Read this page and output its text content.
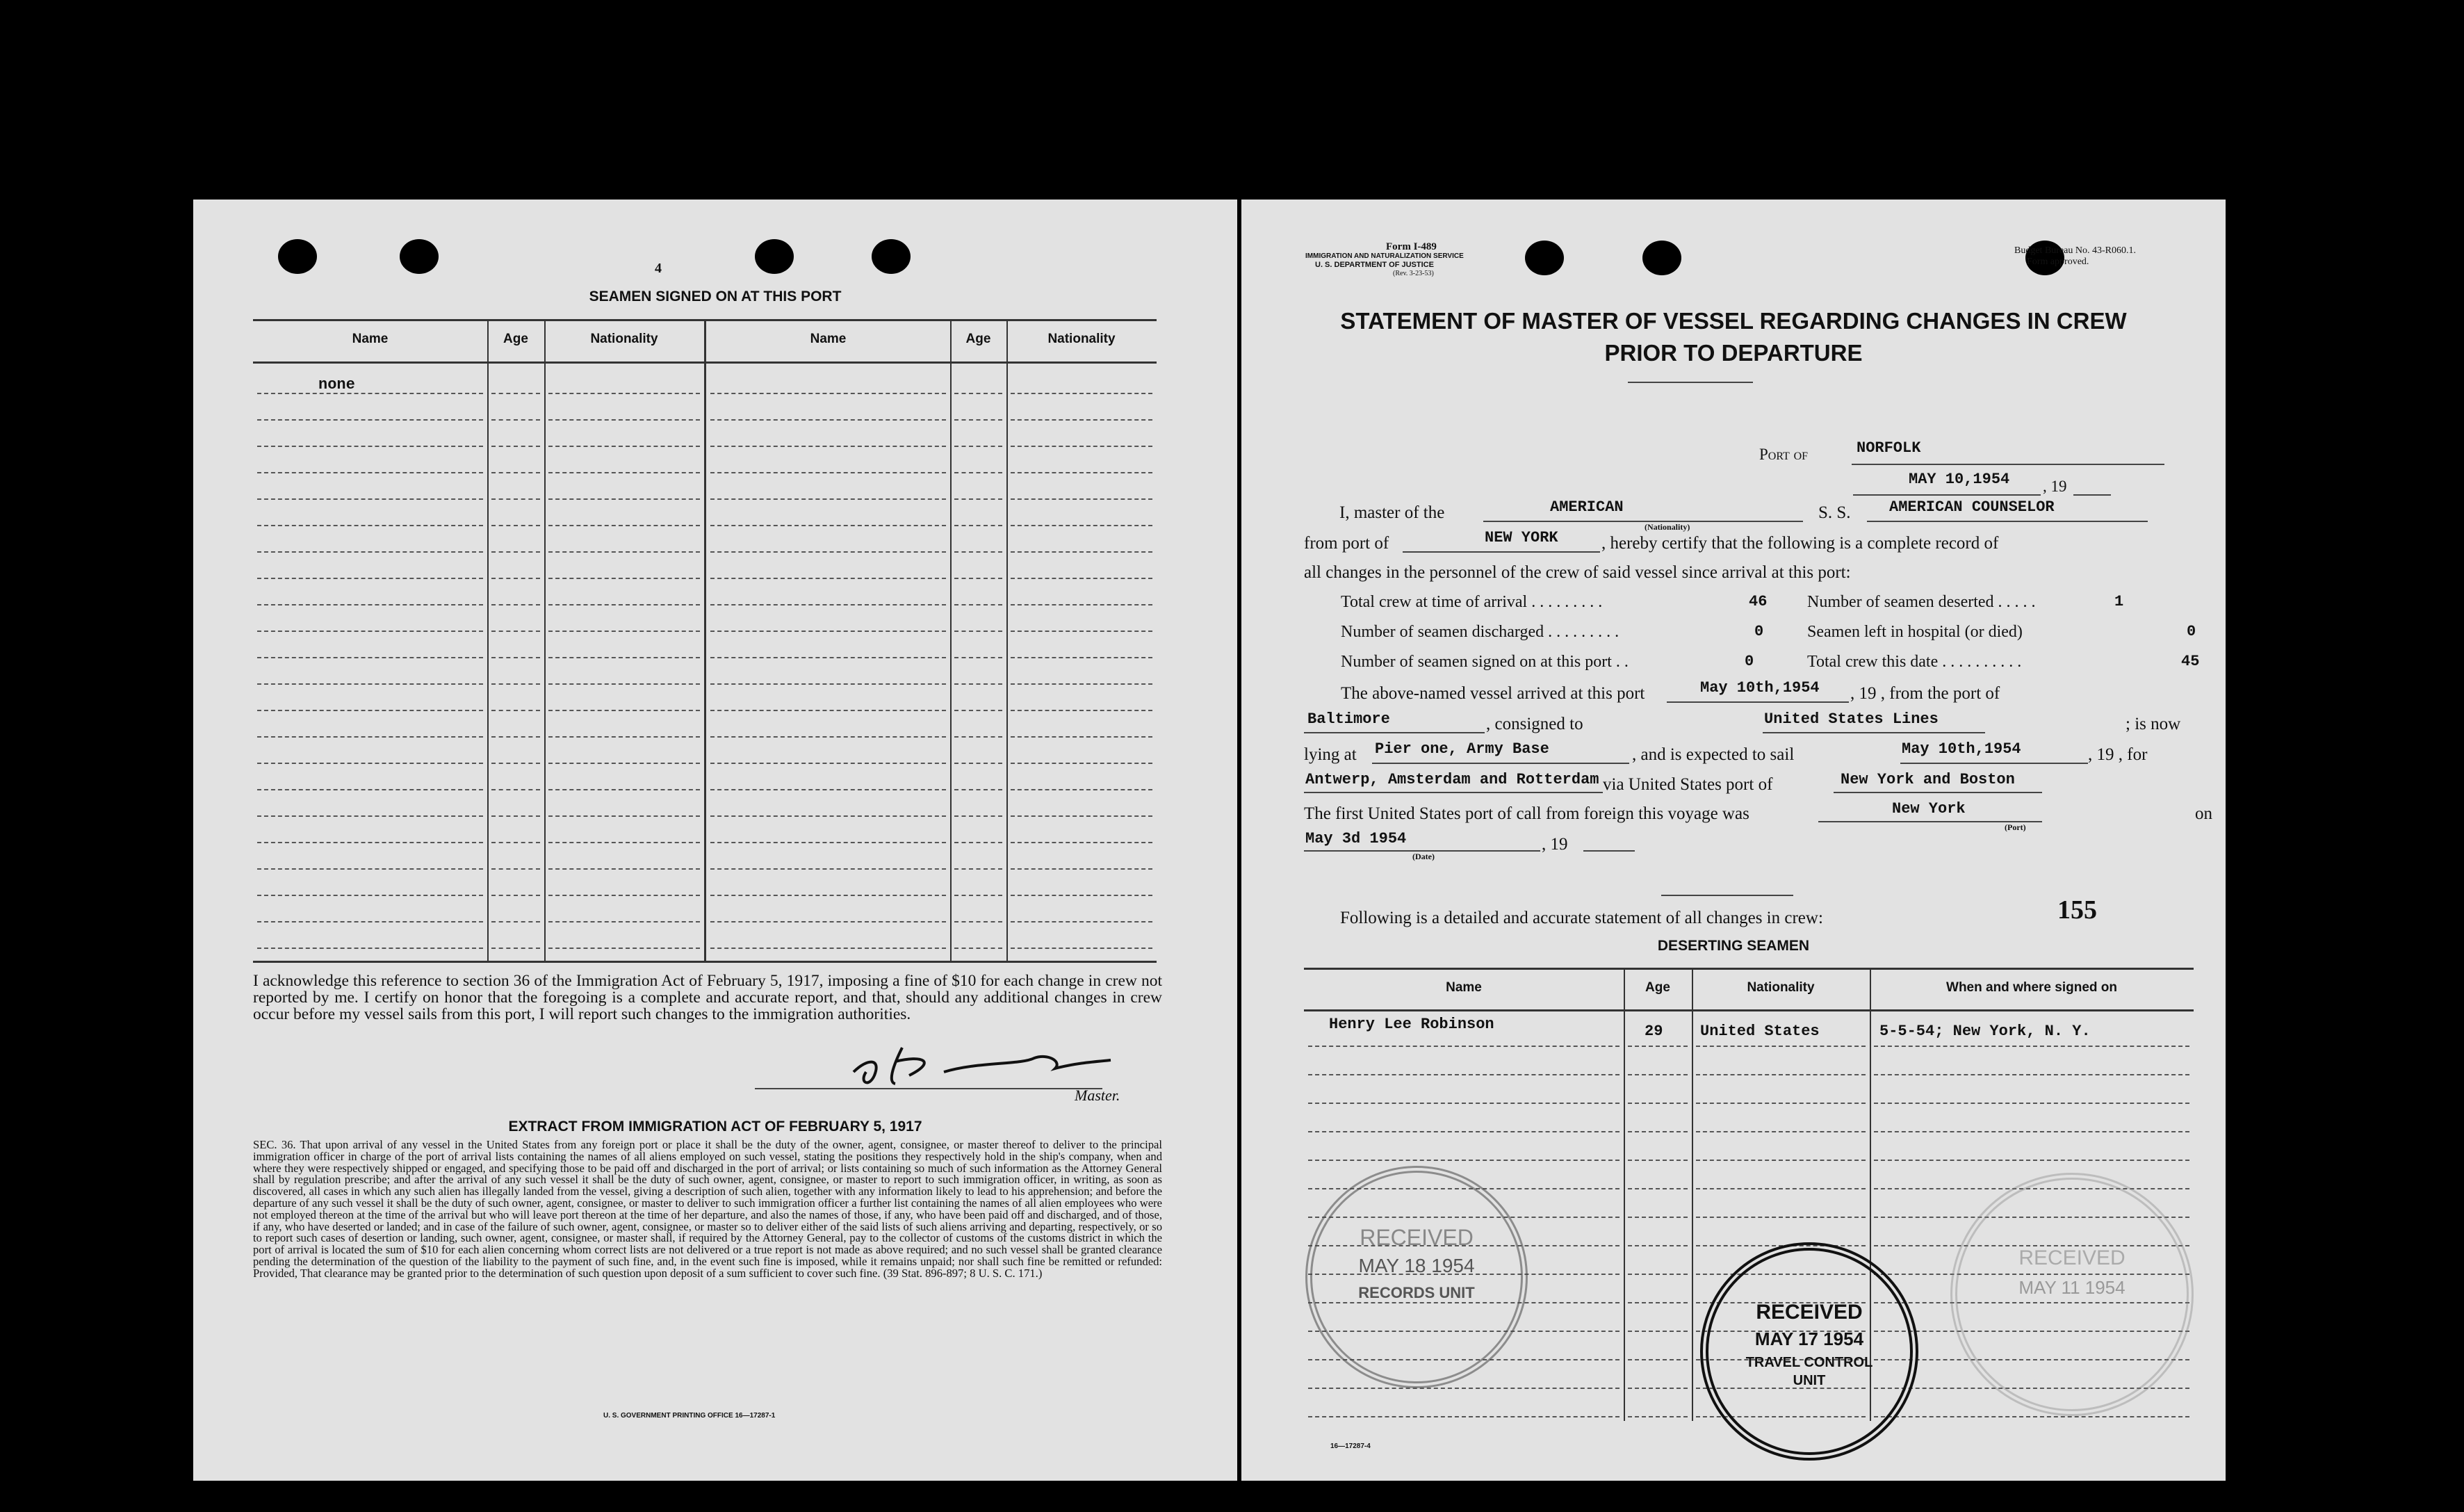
4
SEAMEN SIGNED ON AT THIS PORT
Name	Age	Nationality	Name	Age	Nationality
none
I acknowledge this reference to section 36 of the Immigration Act of February 5, 1917, imposing a fine of $10 for each change in crew not reported by me. I certify on honor that the foregoing is a complete and accurate report, and that, should any additional changes in crew occur before my vessel sails from this port, I will report such changes to the immigration authorities.
Master.
EXTRACT FROM IMMIGRATION ACT OF FEBRUARY 5, 1917
SEC. 36. That upon arrival of any vessel in the United States from any foreign port or place it shall be the duty of the owner, agent, consignee, or master thereof to deliver to the principal immigration officer in charge of the port of arrival lists containing the names of all aliens employed on such vessel, stating the positions they respectively hold in the ship's company, when and where they were respectively shipped or engaged, and specifying those to be paid off and discharged in the port of arrival; or lists containing so much of such information as the Attorney General shall by regulation prescribe; and after the arrival of any such vessel it shall be the duty of such owner, agent, consignee, or master to report to such immigration officer, in writing, as soon as discovered, all cases in which any such alien has illegally landed from the vessel, giving a description of such alien, together with any information likely to lead to his apprehension; and before the departure of any such vessel it shall be the duty of such owner, agent, consignee, or master to deliver to such immigration officer a further list containing the names of all alien employees who were not employed thereon at the time of the arrival but who will leave port thereon at the time of her departure, and also the names of those, if any, who have been paid off and discharged, and of those, if any, who have deserted or landed; and in case of the failure of such owner, agent, consignee, or master so to deliver either of the said lists of such aliens arriving and departing, respectively, or so to report such cases of desertion or landing, such owner, agent, consignee, or master shall, if required by the Attorney General, pay to the collector of customs of the customs district in which the port of arrival is located the sum of $10 for each alien concerning whom correct lists are not delivered or a true report is not made as above required; and no such vessel shall be granted clearance pending the determination of the question of the liability to the payment of such fine, and, in the event such fine is imposed, while it remains unpaid; nor shall such fine be remitted or refunded: Provided, That clearance may be granted prior to the determination of such question upon deposit of a sum sufficient to cover such fine. (39 Stat. 896-897; 8 U. S. C. 171.)
U. S. GOVERNMENT PRINTING OFFICE 16—17287-1
Form I-489
IMMIGRATION AND NATURALIZATION SERVICE
U. S. DEPARTMENT OF JUSTICE
(Rev. 3-23-53)
Budget Bureau No. 43-R060.1.
Form approved.
STATEMENT OF MASTER OF VESSEL REGARDING CHANGES IN CREW
PRIOR TO DEPARTURE
Port of	NORFOLK
MAY 10,1954 , 19
I, master of the	AMERICAN
(Nationality)
S. S.	AMERICAN COUNSELOR
from port of	NEW YORK , hereby certify that the following is a complete record of
all changes in the personnel of the crew of said vessel since arrival at this port:
Total crew at time of arrival . . . . . . . . .	46 Number of seamen deserted . . . . .	1
Number of seamen discharged . . . . . . . . .	0	Seamen left in hospital (or died)	0
Number of seamen signed on at this port . .	0	Total crew this date . . . . . . . . . .	45
The above-named vessel arrived at this port	May 10th,1954 , 19 , from the port of
Baltimore	, consigned to	United States Lines	; is now
lying at Pier one, Army Base	, and is expected to sail	May 10th,1954	, 19 , for
Antwerp, Amsterdam and Rotterdam via United States port of	New York and Boston
The first United States port of call from foreign this voyage was	New York	on
(Port)
May 3d 1954
(Date)
, 19
Following is a detailed and accurate statement of all changes in crew:	155
DESERTING SEAMEN
Name	Age	Nationality	When and where signed on
Henry Lee Robinson	29 United States	5-5-54; New York, N. Y.
16—17287-4
RECEIVED
MAY 18 1954
RECORDS UNIT
RECEIVED
MAY 17 1954
TRAVEL CONTROL
UNIT
RECEIVED
MAY 11 1954
